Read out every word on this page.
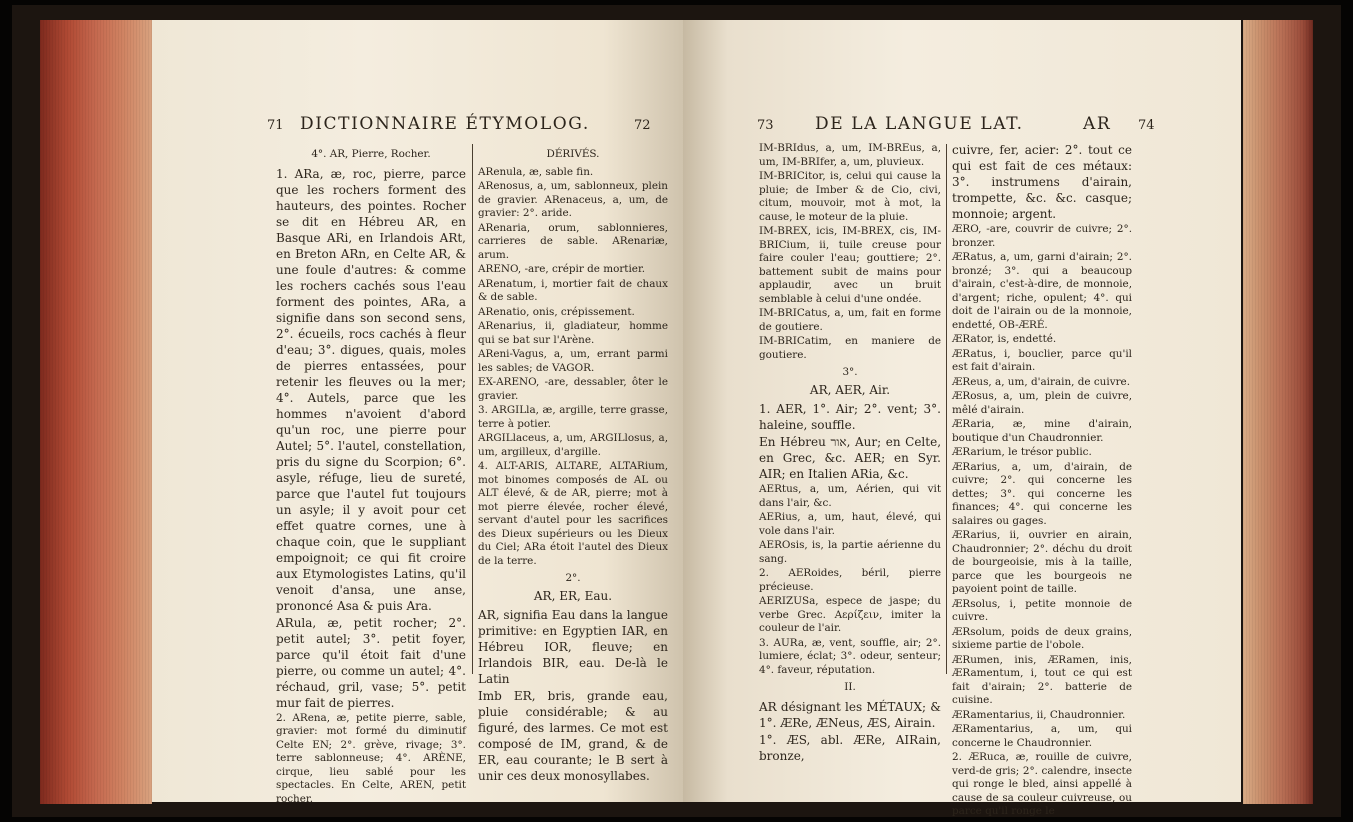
71 DICTIONNAIRE ÉTYMOLOG.	72

4°. AR, Pierre, Rocher.

1. ARa, æ, roc, pierre, parce que les rochers forment des hauteurs, des pointes. Rocher se dit en Hébreu AR, en Basque ARi, en Irlandois ARt, en Breton ARn, en Celte AR, & une foule d'autres: & comme les rochers cachés sous l'eau forment des pointes, ARa, a signifie dans son second sens, 2°. écueils, rocs cachés à fleur d'eau; 3°. digues, quais, moles de pierres entassées, pour retenir les fleuves ou la mer; 4°. Autels, parce que les hommes n'avoient d'abord qu'un roc, une pierre pour Autel; 5°. l'autel, constellation, pris du signe du Scorpion; 6°. asyle, réfuge, lieu de sureté, parce que l'autel fut toujours un asyle; il y avoit pour cet effet quatre cornes, une à chaque coin, que le suppliant empoignoit; ce qui fit croire aux Etymologistes Latins, qu'il venoit d'ansa, une anse, prononcé Asa & puis Ara.

ARula, æ, petit rocher; 2°. petit autel; 3°. petit foyer, parce qu'il étoit fait d'une pierre, ou comme un autel; 4°. réchaud, gril, vase; 5°. petit mur fait de pierres.

2. ARena, æ, petite pierre, sable, gravier: mot formé du diminutif Celte EN; 2°. grève, rivage; 3°. terre sablonneuse; 4°. ARÈNE, cirque, lieu sablé pour les spectacles. En Celte, AREN, petit rocher.

DÉRIVÉS.

ARenula, æ, sable fin.

ARenosus, a, um, sablonneux, plein de gravier. ARenaceus, a, um, de gravier: 2°. aride.

ARenaria, orum, sablonnieres, carrieres de sable. ARenariæ, arum.

ARENO, -are, crépir de mortier.

ARenatum, i, mortier fait de chaux & de sable.

ARenatio, onis, crépissement.

ARenarius, ii, gladiateur, homme qui se bat sur l'Arène.

AReni-Vagus, a, um, errant parmi les sables; de VAGOR.

EX-ARENO, -are, dessabler, ôter le gravier.

3. ARGILla, æ, argille, terre grasse, terre à potier.

ARGILlaceus, a, um, ARGILlosus, a, um, argilleux, d'argille.

4. ALT-ARIS, ALTARE, ALTARium, mot binomes composés de AL ou ALT élevé, & de AR, pierre; mot à mot pierre élevée, rocher élevé, servant d'autel pour les sacrifices des Dieux supérieurs ou les Dieux du Ciel; ARa étoit l'autel des Dieux de la terre.

2°.

AR, ER, Eau.

AR, signifia Eau dans la langue primitive: en Egyptien IAR, en Hébreu IOR, fleuve; en Irlandois BIR, eau. De-là le Latin

Imb ER, bris, grande eau, pluie considérable; & au figuré, des larmes. Ce mot est composé de IM, grand, & de ER, eau courante; le B sert à unir ces deux monosyllabes.

73 DE LA LANGUE LAT.	AR 74

IM-BRIdus, a, um, IM-BREus, a, um, IM-BRIfer, a, um, pluvieux.

IM-BRICitor, is, celui qui cause la pluie; de Imber & de Cio, civi, citum, mouvoir, mot à mot, la cause, le moteur de la pluie.

IM-BREX, icis, IM-BREX, cis, IM-BRICium, ii, tuile creuse pour faire couler l'eau; gouttiere; 2°. battement subit de mains pour applaudir, avec un bruit semblable à celui d'une ondée.

IM-BRICatus, a, um, fait en forme de goutiere.

IM-BRICatim, en maniere de goutiere.

3°.

AR, AER, Air.

1. AER, 1°. Air; 2°. vent; 3°. haleine, souffle.

En Hébreu אור, Aur; en Celte, en Grec, &c. AER; en Syr. AIR; en Italien ARia, &c.

AERtus, a, um, Aérien, qui vit dans l'air, &c.

AERius, a, um, haut, élevé, qui vole dans l'air.

AEROsis, is, la partie aérienne du sang.

2. AERoides, béril, pierre précieuse.

AERIZUSa, espece de jaspe; du verbe Grec. Αερίζειν, imiter la couleur de l'air.

3. AURa, æ, vent, souffle, air; 2°. lumiere, éclat; 3°. odeur, senteur; 4°. faveur, réputation.

II.

AR désignant les MÉTAUX; & 1°. ÆRe, ÆNeus, ÆS, Airain.

1°. ÆS, abl. ÆRe, AIRain, bronze,

cuivre, fer, acier: 2°. tout ce qui est fait de ces métaux: 3°. instrumens d'airain, trompette, &c. &c. casque; monnoie; argent.

ÆRO, -are, couvrir de cuivre; 2°. bronzer.

ÆRatus, a, um, garni d'airain; 2°. bronzé; 3°. qui a beaucoup d'airain, c'est-à-dire, de monnoie, d'argent; riche, opulent; 4°. qui doit de l'airain ou de la monnoie, endetté, OB-ÆRÉ.

ÆRator, is, endetté.

ÆRatus, i, bouclier, parce qu'il est fait d'airain.

ÆReus, a, um, d'airain, de cuivre.

ÆRosus, a, um, plein de cuivre, mêlé d'airain.

ÆRaria, æ, mine d'airain, boutique d'un Chaudronnier.

ÆRarium, le trésor public.

ÆRarius, a, um, d'airain, de cuivre; 2°. qui concerne les dettes; 3°. qui concerne les finances; 4°. qui concerne les salaires ou gages.

ÆRarius, ii, ouvrier en airain, Chaudronnier; 2°. déchu du droit de bourgeoisie, mis à la taille, parce que les bourgeois ne payoient point de taille.

ÆRsolus, i, petite monnoie de cuivre.

ÆRsolum, poids de deux grains, sixieme partie de l'obole.

ÆRumen, inis, ÆRamen, inis, ÆRamentum, i, tout ce qui est fait d'airain; 2°. batterie de cuisine.

ÆRamentarius, ii, Chaudronnier.

ÆRamentarius, a, um, qui concerne le Chaudronnier.

2. ÆRuca, æ, rouille de cuivre, verd-de gris; 2°. calendre, insecte qui ronge le bled, ainsi appellé à cause de sa couleur cuivreuse, ou parce qu'il ronge le
